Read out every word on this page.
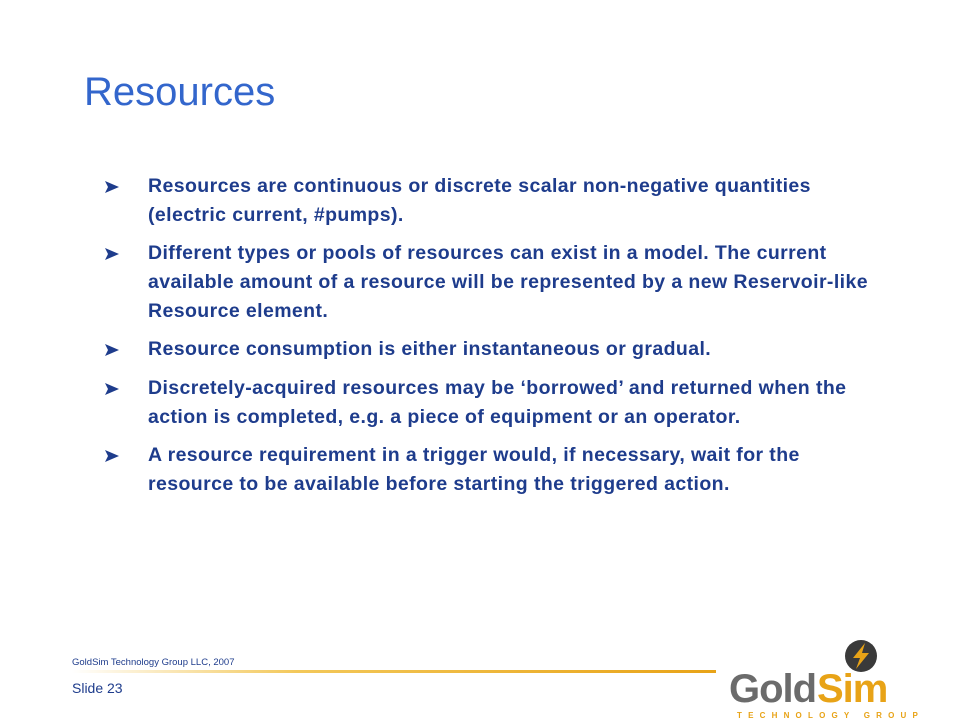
Resources
Resources are continuous or discrete scalar non-negative quantities (electric current, #pumps).
Different types or pools of resources can exist in a model. The current available amount of a resource will be represented by a new Reservoir-like Resource element.
Resource consumption is either instantaneous or gradual.
Discretely-acquired resources may be ‘borrowed’ and returned when the action is completed, e.g. a piece of equipment or an operator.
A resource requirement in a trigger would, if necessary, wait for the resource to be available before starting the triggered action.
GoldSim Technology Group LLC, 2007
Slide 23	Gold Sim
TECHNOLOGY GROUP
